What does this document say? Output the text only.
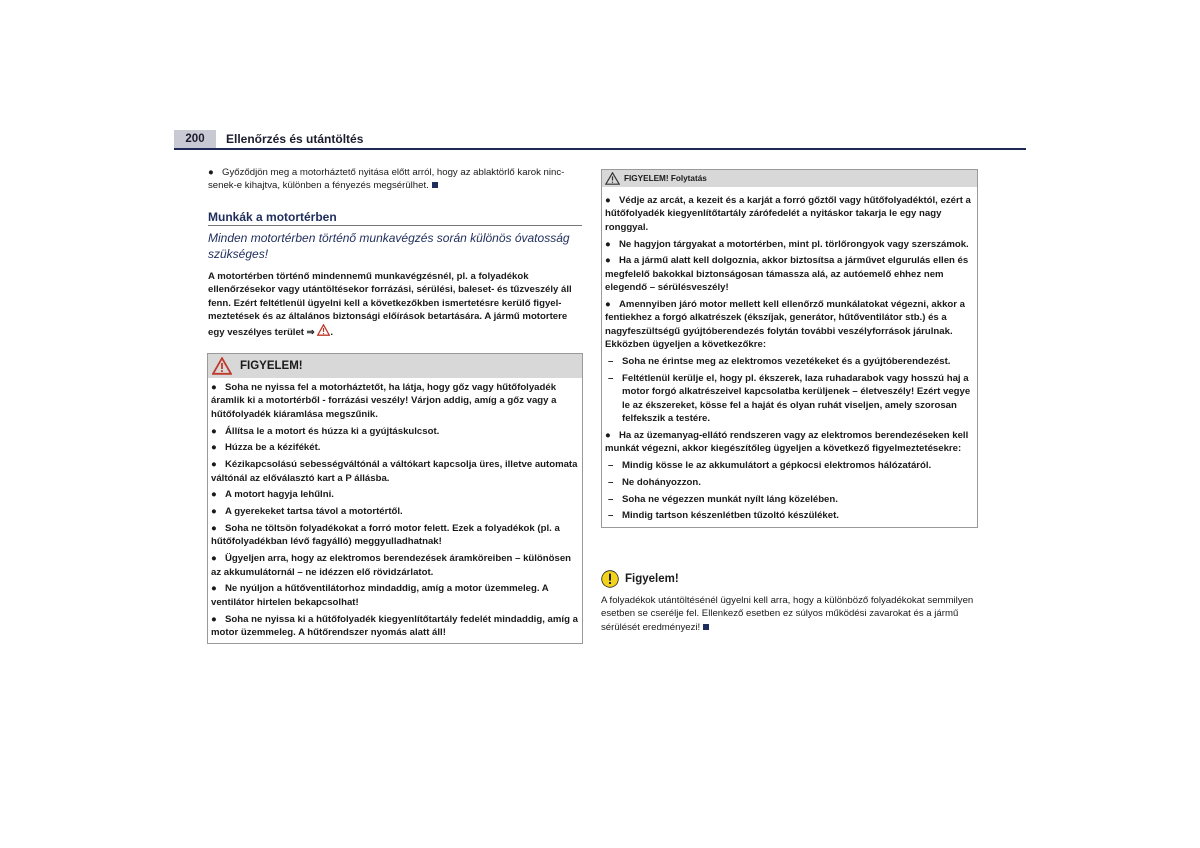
200	Ellenőrzés és utántöltés
● Győződjön meg a motorháztető nyitása előtt arról, hogy az ablaktörlő karok nincsenek-e kihajtva, különben a fényezés megsérülhet.
Munkák a motortérben
Minden motortérben történő munkavégzés során különös óvatosság szükséges!
A motortérben történő mindennemű munkavégzésnél, pl. a folyadékok ellenőrzésekor vagy utántöltésekor forrázási, sérülési, baleset- és tűzveszély áll fenn. Ezért feltétlenül ügyelni kell a következőkben ismertetésre kerülő figyelmeztetések és az általános biztonsági előírások betartására. A jármű motortere egy veszélyes terület ⇒ .
FIGYELEM!
● Soha ne nyissa fel a motorháztetőt, ha látja, hogy gőz vagy hűtőfolyadék áramlik ki a motortérből - forrázási veszély! Várjon addig, amíg a gőz vagy a hűtőfolyadék kiáramlása megszűnik.
● Állítsa le a motort és húzza ki a gyújtáskulcsot.
● Húzza be a kézifékét.
● Kézikapcsolású sebességváltónál a váltókart kapcsolja üres, illetve automata váltónál az előválasztó kart a P állásba.
● A motort hagyja lehűlni.
● A gyerekeket tartsa távol a motortértől.
● Soha ne töltsön folyadékokat a forró motor felett. Ezek a folyadékok (pl. a hűtőfolyadékban lévő fagyálló) meggyulladhatnak!
● Ügyeljen arra, hogy az elektromos berendezések áramköreiben – különösen az akkumulátornál – ne idézzen elő rövidzárlatot.
● Ne nyúljon a hűtőventilátorhoz mindaddig, amíg a motor üzemmeleg. A ventilátor hirtelen bekapcsolhat!
● Soha ne nyissa ki a hűtőfolyadék kiegyenlítőtartály fedelét mindaddig, amíg a motor üzemmeleg. A hűtőrendszer nyomás alatt áll!
FIGYELEM! Folytatás
● Védje az arcát, a kezeit és a karját a forró gőztől vagy hűtőfolyadéktól, ezért a hűtőfolyadék kiegyenlítőtartály zárófedelét a nyitáskor takarja le egy nagy ronggyal.
● Ne hagyjon tárgyakat a motortérben, mint pl. törlőrongyok vagy szerszámok.
● Ha a jármű alatt kell dolgoznia, akkor biztosítsa a járművet elgurulás ellen és megfelelő bakokkal biztonságosan támassza alá, az autóemelő ehhez nem elegendő – sérülésveszély!
● Amennyiben járó motor mellett kell ellenőrző munkálatokat végezni, akkor a fentiekhez a forgó alkatrészek (ékszíjak, generátor, hűtőventilátor stb.) és a nagyfeszültségű gyújtóberendezés folytán további veszélyforrások járulnak. Ekközben ügyeljen a következőkre:
– Soha ne érintse meg az elektromos vezetékeket és a gyújtóberendezést.
– Feltétlenül kerülje el, hogy pl. ékszerek, laza ruhadarabok vagy hosszú haj a motor forgó alkatrészeivel kapcsolatba kerüljenek – életveszély! Ezért vegye le az ékszereket, kösse fel a haját és olyan ruhát viseljen, amely szorosan felfekszik a testére.
● Ha az üzemanyag-ellátó rendszeren vagy az elektromos berendezéseken kell munkát végezni, akkor kiegészítőleg ügyeljen a következő figyelmeztetésekre:
– Mindig kösse le az akkumulátort a gépkocsi elektromos hálózatáról.
– Ne dohányozzon.
– Soha ne végezzen munkát nyílt láng közelében.
– Mindig tartson készenlétben tűzoltó készüléket.
Figyelem!
A folyadékok utántöltésénél ügyelni kell arra, hogy a különböző folyadékokat semmilyen esetben se cserélje fel. Ellenkező esetben ez súlyos működési zavarokat és a jármű sérülését eredményezi!
